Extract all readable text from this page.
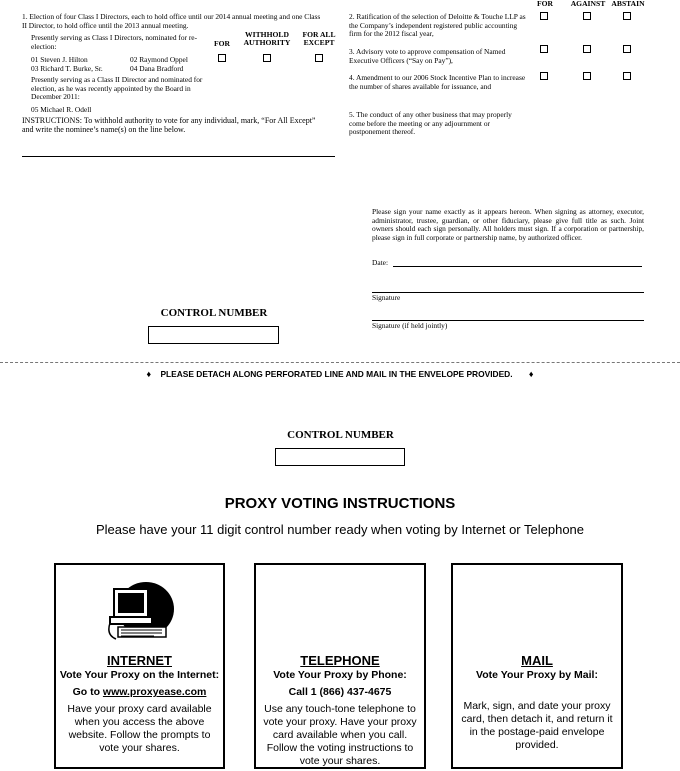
1. Election of four Class I Directors, each to hold office until our 2014 annual meeting and one Class II Director, to hold office until the 2013 annual meeting.
FOR
WITHHOLD AUTHORITY
FOR ALL EXCEPT
Presently serving as Class I Directors, nominated for re-election:
01 Steven J. Hilton
03 Richard T. Burke, Sr.
02 Raymond Oppel
04 Dana Bradford
Presently serving as a Class II Director and nominated for election, as he was recently appointed by the Board in December 2011:
05 Michael R. Odell
INSTRUCTIONS: To withhold authority to vote for any individual, mark, “For All Except” and write the nominee’s name(s) on the line below.
FOR	AGAINST ABSTAIN
2. Ratification of the selection of Deloitte & Touche LLP as the Company’s independent registered public accounting firm for the 2012 fiscal year,
3. Advisory vote to approve compensation of Named Executive Officers (“Say on Pay”),
4. Amendment to our 2006 Stock Incentive Plan to increase the number of shares available for issuance, and
5. The conduct of any other business that may properly come before the meeting or any adjournment or postponement thereof.
Please sign your name exactly as it appears hereon. When signing as attorney, executor, administrator, trustee, guardian, or other fiduciary, please give full title as such. Joint owners should each sign personally. All holders must sign. If a corporation or partnership, please sign in full corporate or partnership name, by authorized officer.
Date:
Signature
Signature (if held jointly)
CONTROL NUMBER
♦ PLEASE DETACH ALONG PERFORATED LINE AND MAIL IN THE ENVELOPE PROVIDED. ♦
CONTROL NUMBER
PROXY VOTING INSTRUCTIONS
Please have your 11 digit control number ready when voting by Internet or Telephone
INTERNET
Vote Your Proxy on the Internet:
Go to www.proxyease.com
Have your proxy card available when you access the above website. Follow the prompts to vote your shares.
TELEPHONE
Vote Your Proxy by Phone:
Call 1 (866) 437-4675
Use any touch-tone telephone to vote your proxy. Have your proxy card available when you call. Follow the voting instructions to vote your shares.
MAIL
Vote Your Proxy by Mail:
Mark, sign, and date your proxy card, then detach it, and return it in the postage-paid envelope provided.
